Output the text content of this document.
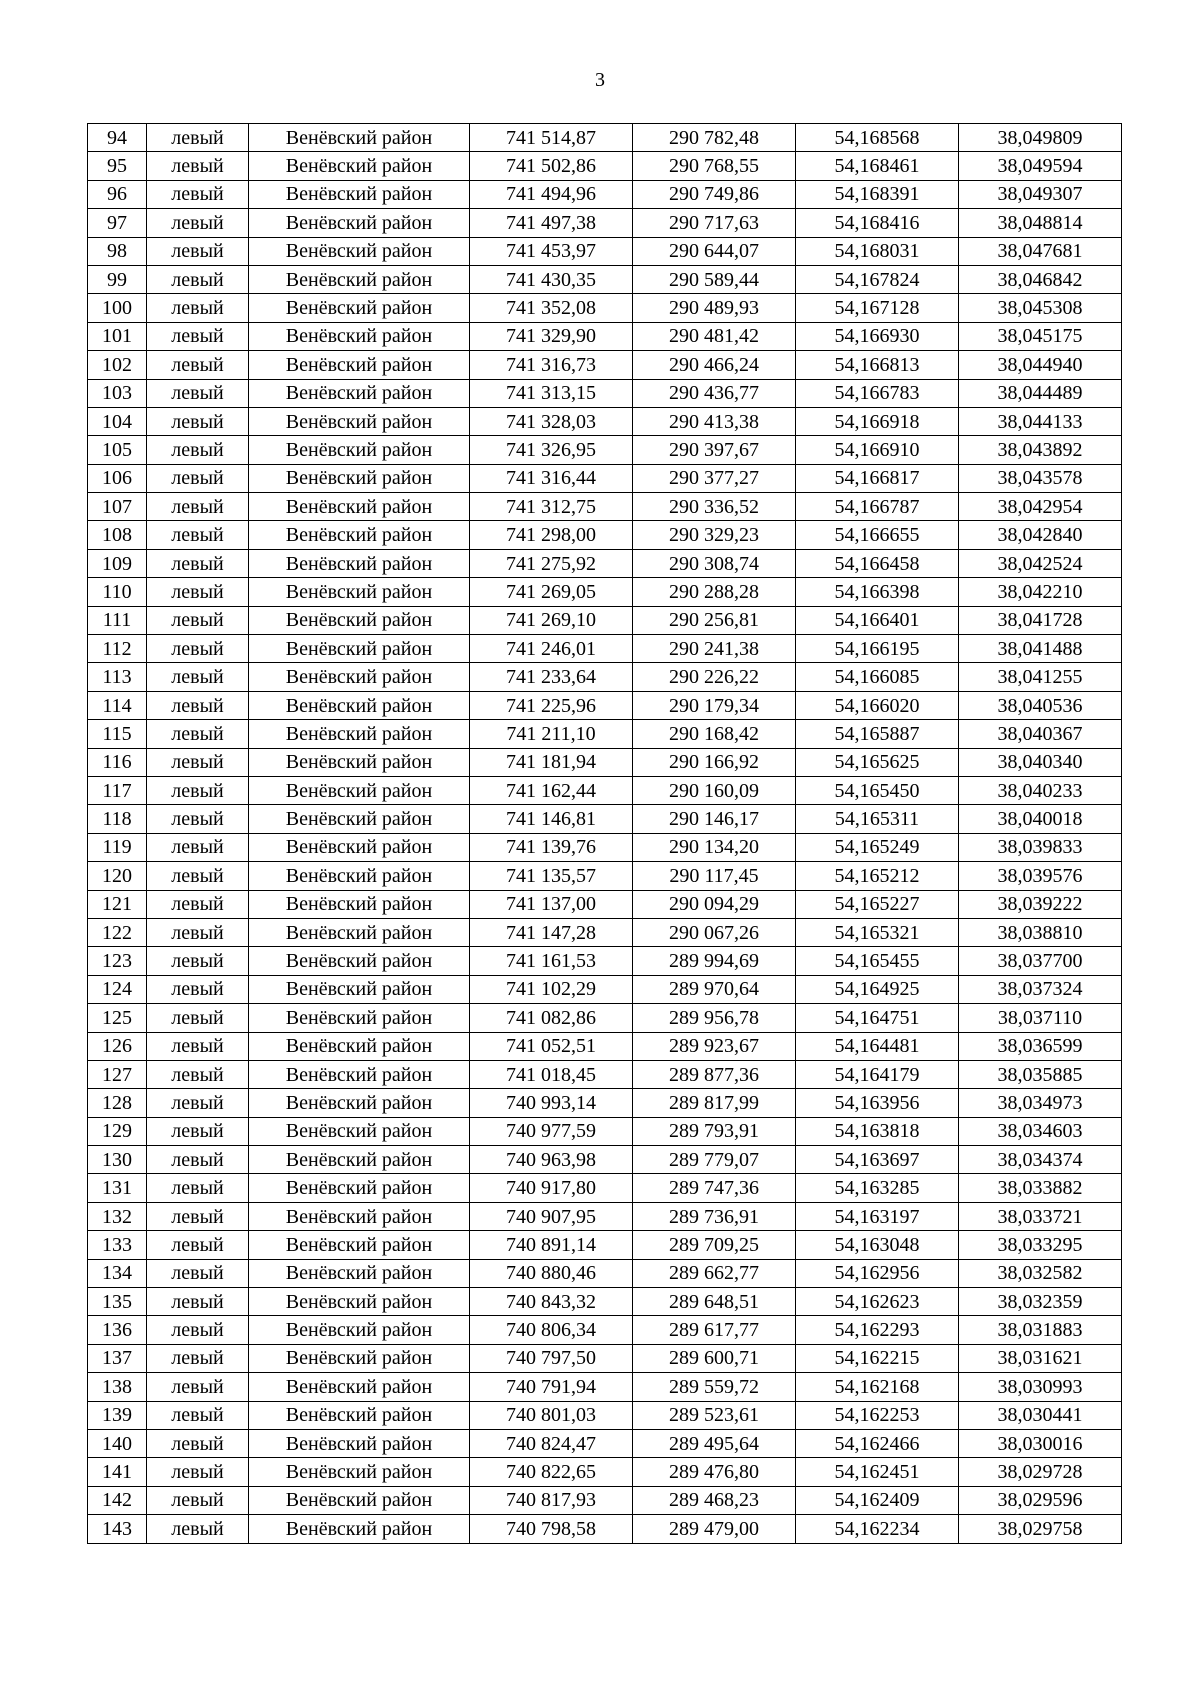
3
94	левый	Венёвский район	741 514,87	290 782,48	54,168568	38,049809
95	левый	Венёвский район	741 502,86	290 768,55	54,168461	38,049594
96	левый	Венёвский район	741 494,96	290 749,86	54,168391	38,049307
97	левый	Венёвский район	741 497,38	290 717,63	54,168416	38,048814
98	левый	Венёвский район	741 453,97	290 644,07	54,168031	38,047681
99	левый	Венёвский район	741 430,35	290 589,44	54,167824	38,046842
100	левый	Венёвский район	741 352,08	290 489,93	54,167128	38,045308
101	левый	Венёвский район	741 329,90	290 481,42	54,166930	38,045175
102	левый	Венёвский район	741 316,73	290 466,24	54,166813	38,044940
103	левый	Венёвский район	741 313,15	290 436,77	54,166783	38,044489
104	левый	Венёвский район	741 328,03	290 413,38	54,166918	38,044133
105	левый	Венёвский район	741 326,95	290 397,67	54,166910	38,043892
106	левый	Венёвский район	741 316,44	290 377,27	54,166817	38,043578
107	левый	Венёвский район	741 312,75	290 336,52	54,166787	38,042954
108	левый	Венёвский район	741 298,00	290 329,23	54,166655	38,042840
109	левый	Венёвский район	741 275,92	290 308,74	54,166458	38,042524
110	левый	Венёвский район	741 269,05	290 288,28	54,166398	38,042210
111	левый	Венёвский район	741 269,10	290 256,81	54,166401	38,041728
112	левый	Венёвский район	741 246,01	290 241,38	54,166195	38,041488
113	левый	Венёвский район	741 233,64	290 226,22	54,166085	38,041255
114	левый	Венёвский район	741 225,96	290 179,34	54,166020	38,040536
115	левый	Венёвский район	741 211,10	290 168,42	54,165887	38,040367
116	левый	Венёвский район	741 181,94	290 166,92	54,165625	38,040340
117	левый	Венёвский район	741 162,44	290 160,09	54,165450	38,040233
118	левый	Венёвский район	741 146,81	290 146,17	54,165311	38,040018
119	левый	Венёвский район	741 139,76	290 134,20	54,165249	38,039833
120	левый	Венёвский район	741 135,57	290 117,45	54,165212	38,039576
121	левый	Венёвский район	741 137,00	290 094,29	54,165227	38,039222
122	левый	Венёвский район	741 147,28	290 067,26	54,165321	38,038810
123	левый	Венёвский район	741 161,53	289 994,69	54,165455	38,037700
124	левый	Венёвский район	741 102,29	289 970,64	54,164925	38,037324
125	левый	Венёвский район	741 082,86	289 956,78	54,164751	38,037110
126	левый	Венёвский район	741 052,51	289 923,67	54,164481	38,036599
127	левый	Венёвский район	741 018,45	289 877,36	54,164179	38,035885
128	левый	Венёвский район	740 993,14	289 817,99	54,163956	38,034973
129	левый	Венёвский район	740 977,59	289 793,91	54,163818	38,034603
130	левый	Венёвский район	740 963,98	289 779,07	54,163697	38,034374
131	левый	Венёвский район	740 917,80	289 747,36	54,163285	38,033882
132	левый	Венёвский район	740 907,95	289 736,91	54,163197	38,033721
133	левый	Венёвский район	740 891,14	289 709,25	54,163048	38,033295
134	левый	Венёвский район	740 880,46	289 662,77	54,162956	38,032582
135	левый	Венёвский район	740 843,32	289 648,51	54,162623	38,032359
136	левый	Венёвский район	740 806,34	289 617,77	54,162293	38,031883
137	левый	Венёвский район	740 797,50	289 600,71	54,162215	38,031621
138	левый	Венёвский район	740 791,94	289 559,72	54,162168	38,030993
139	левый	Венёвский район	740 801,03	289 523,61	54,162253	38,030441
140	левый	Венёвский район	740 824,47	289 495,64	54,162466	38,030016
141	левый	Венёвский район	740 822,65	289 476,80	54,162451	38,029728
142	левый	Венёвский район	740 817,93	289 468,23	54,162409	38,029596
143	левый	Венёвский район	740 798,58	289 479,00	54,162234	38,029758
